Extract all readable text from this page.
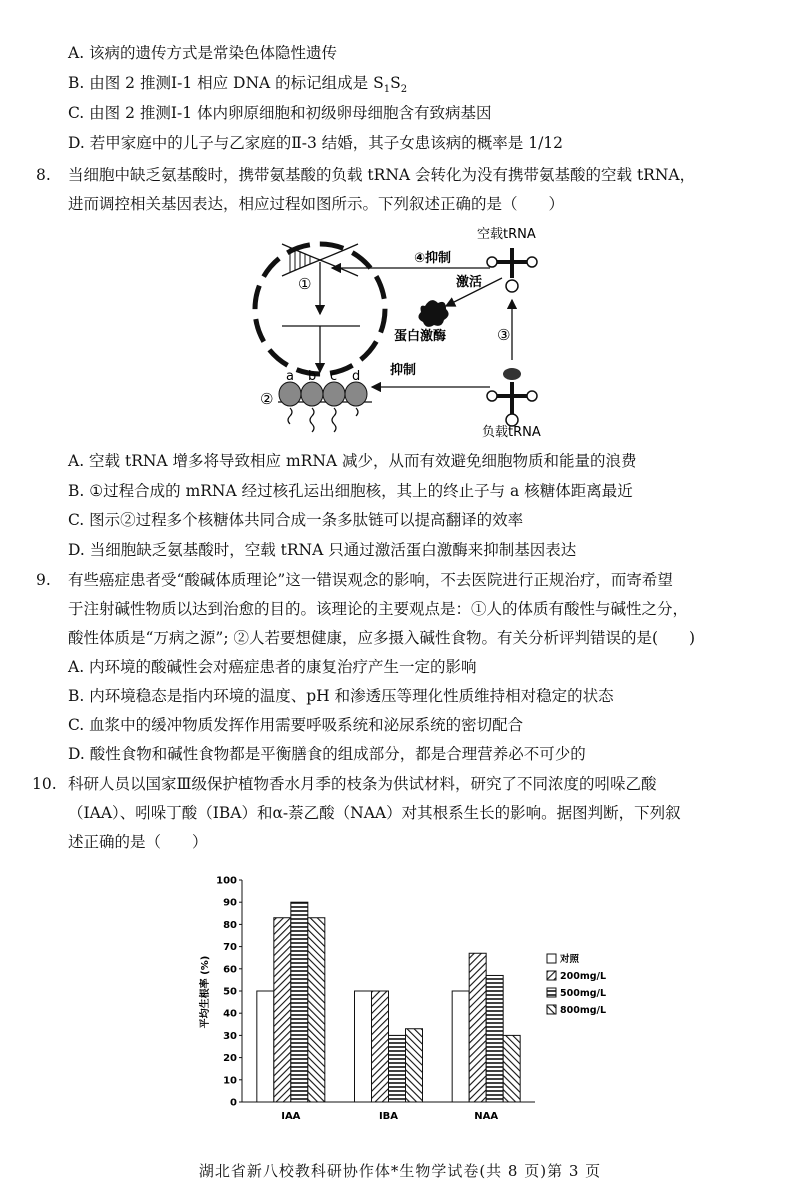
A. 该病的遗传方式是常染色体隐性遗传
B. 由图 2 推测Ⅰ-1 相应 DNA 的标记组成是 $S_1S_2$
C. 由图 2 推测Ⅰ-1 体内卵原细胞和初级卵母细胞含有致病基因
D. 若甲家庭中的儿子与乙家庭的Ⅱ-3 结婚，其子女患该病的概率是 1/12
8. 当细胞中缺乏氨基酸时，携带氨基酸的负载 tRNA 会转化为没有携带氨基酸的空载 tRNA，
进而调控相关基因表达，相应过程如图所示。下列叙述正确的是（　　）
①
④抑制
空载tRNA
激活
蛋白激酶	③
负载tRNA
抑制
②
a b c d
A. 空载 tRNA 增多将导致相应 mRNA 减少，从而有效避免细胞物质和能量的浪费
B. ①过程合成的 mRNA 经过核孔运出细胞核，其上的终止子与 a 核糖体距离最近
C. 图示②过程多个核糖体共同合成一条多肽链可以提高翻译的效率
D. 当细胞缺乏氨基酸时，空载 tRNA 只通过激活蛋白激酶来抑制基因表达
9. 有些癌症患者受“酸碱体质理论”这一错误观念的影响，不去医院进行正规治疗，而寄希望
于注射碱性物质以达到治愈的目的。该理论的主要观点是：①人的体质有酸性与碱性之分，
酸性体质是“万病之源”; ②人若要想健康，应多摄入碱性食物。有关分析评判错误的是(　　)
A. 内环境的酸碱性会对癌症患者的康复治疗产生一定的影响
B. 内环境稳态是指内环境的温度、pH 和渗透压等理化性质维持相对稳定的状态
C. 血浆中的缓冲物质发挥作用需要呼吸系统和泌尿系统的密切配合
D. 酸性食物和碱性食物都是平衡膳食的组成部分，都是合理营养必不可少的
10. 科研人员以国家Ⅲ级保护植物香水月季的枝条为供试材料，研究了不同浓度的吲哚乙酸
（IAA）、吲哚丁酸（IBA）和α-萘乙酸（NAA）对其根系生长的影响。据图判断，下列叙
述正确的是（　　）
0
10
20
30
40
50
60
70
80
90
100
IAA	IBA	NAA
对照
200mg/L
500mg/L
800mg/L
平均生根率 (%)
湖北省新八校教科研协作体*生物学试卷(共 8 页)第 3 页
